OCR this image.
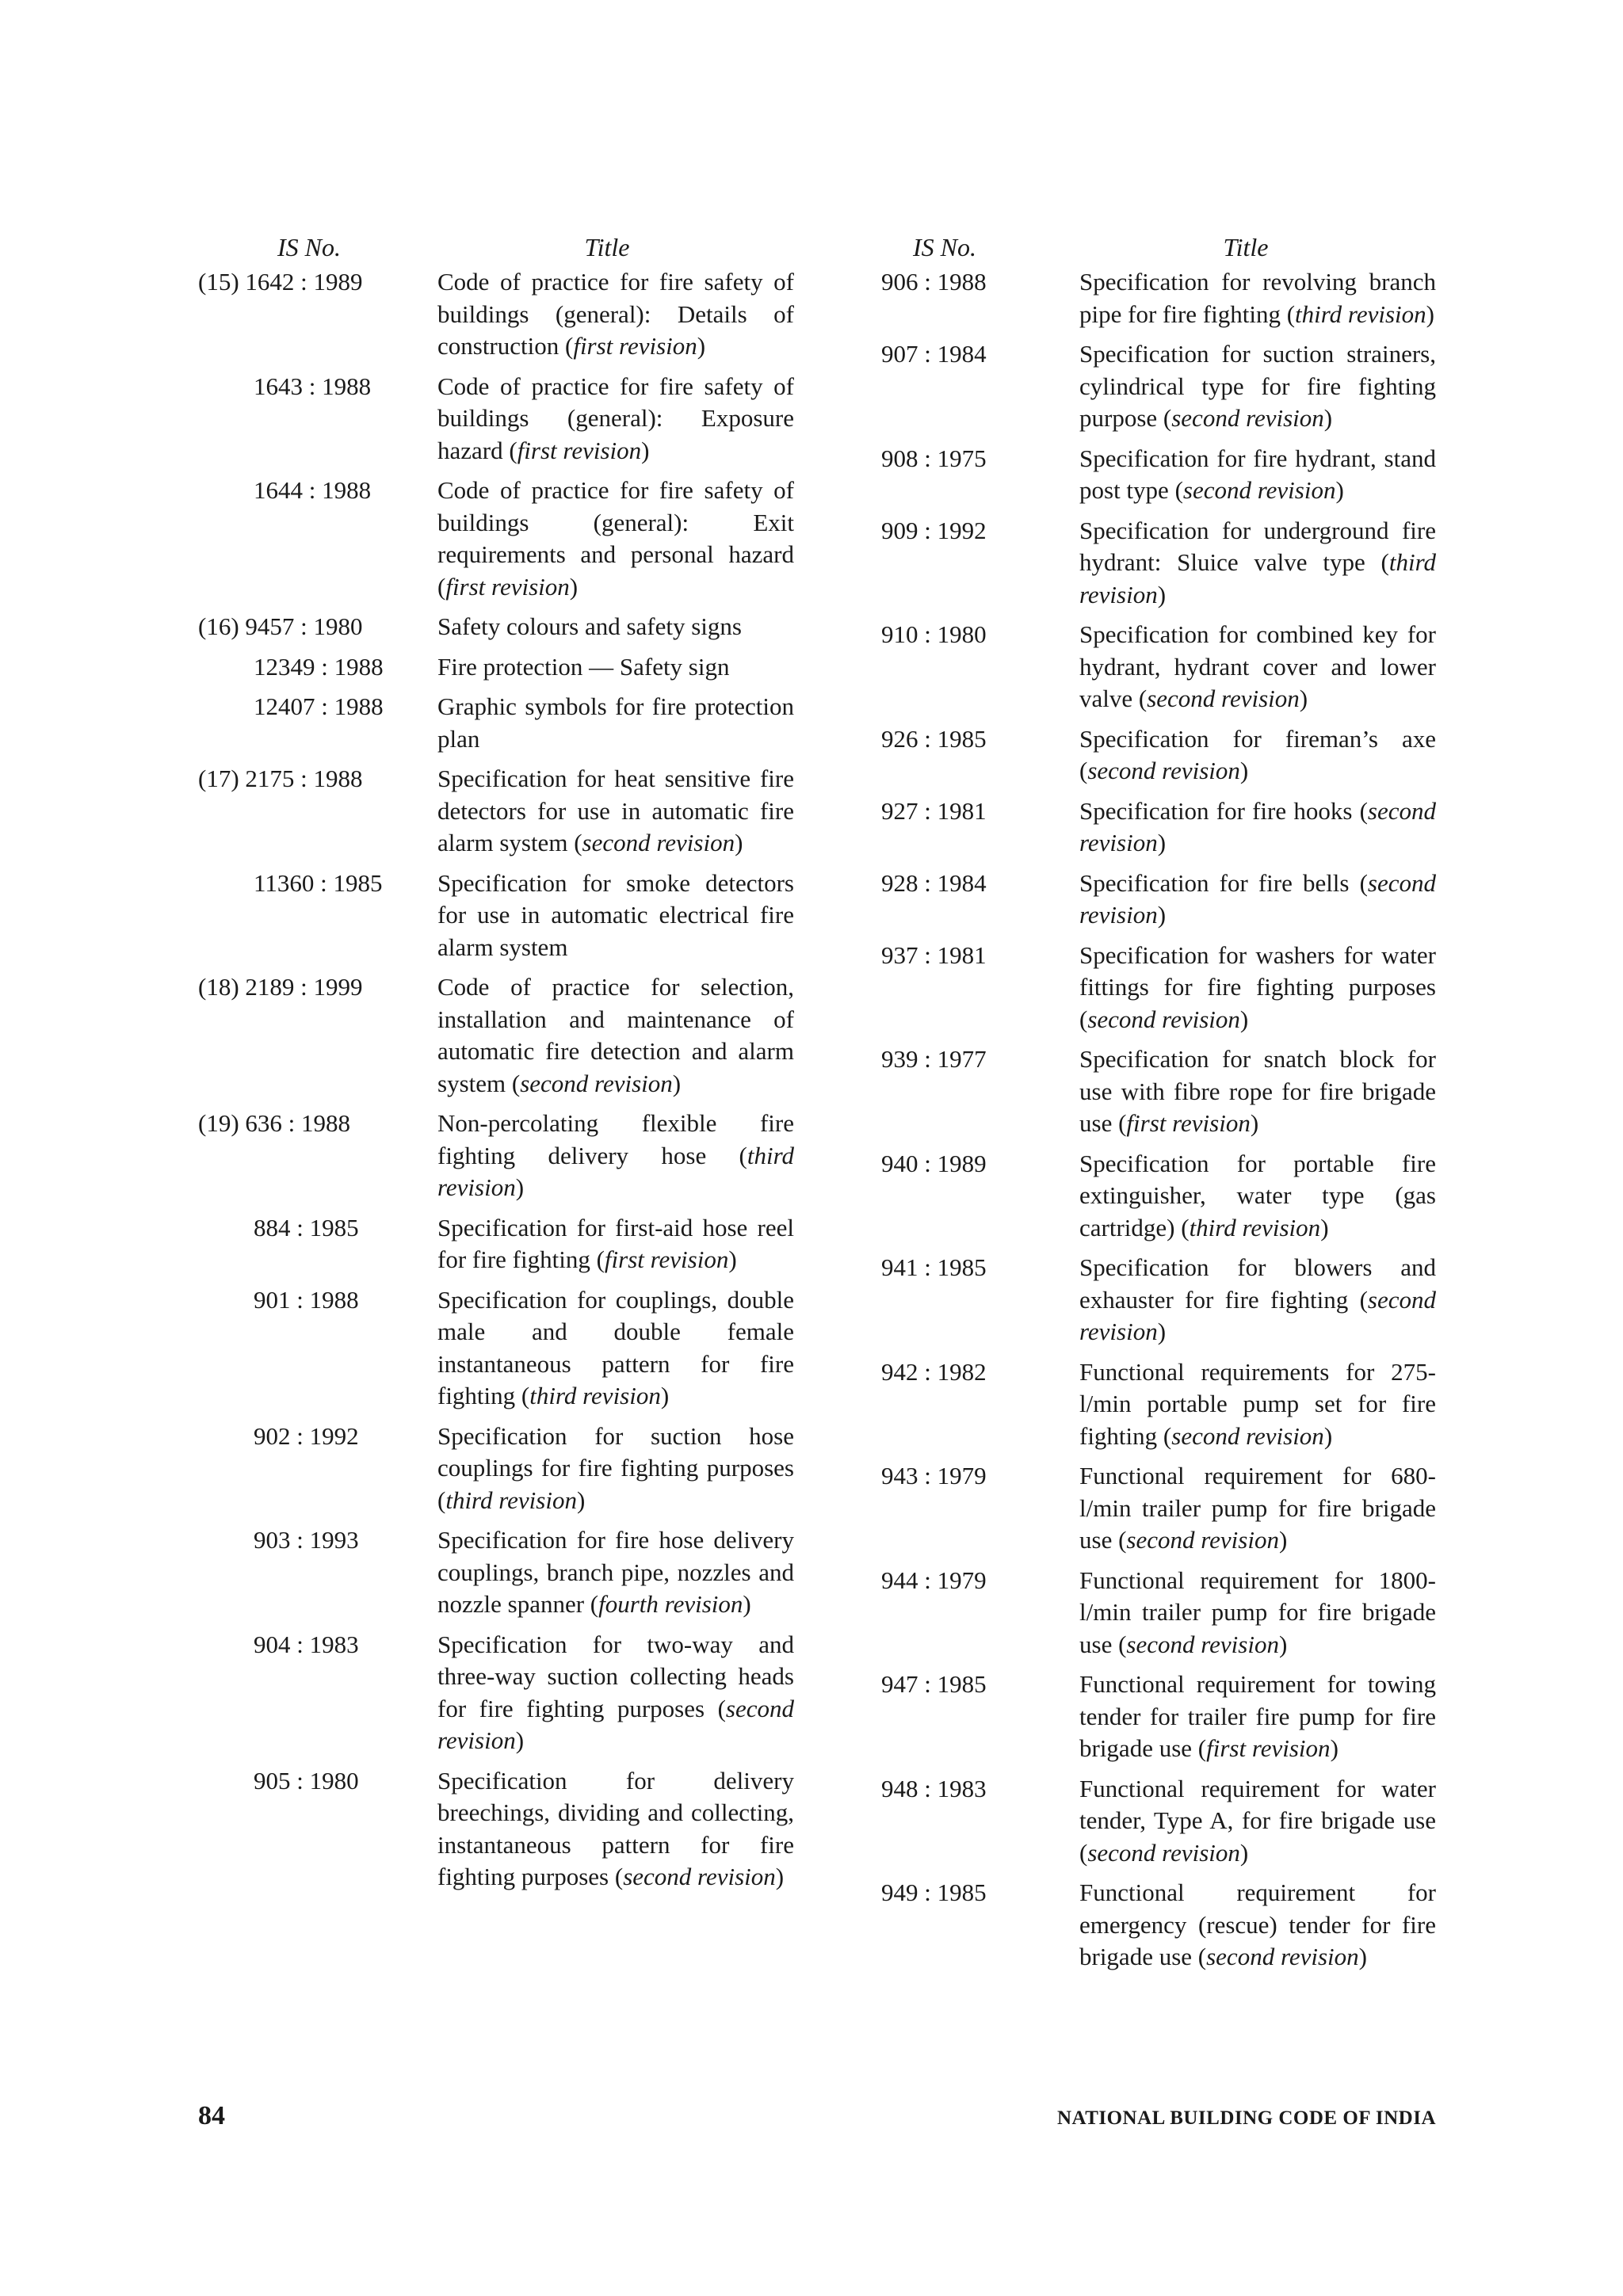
IS No.	Title
(15) 1642 : 1989	Code of practice for fire safety of buildings (general): Details of construction (first revision)
1643 : 1988	Code of practice for fire safety of buildings (general): Exposure hazard (first revision)
1644 : 1988	Code of practice for fire safety of buildings (general): Exit requirements and personal hazard (first revision)
(16) 9457 : 1980	Safety colours and safety signs
12349 : 1988	Fire protection — Safety sign
12407 : 1988	Graphic symbols for fire protection plan
(17) 2175 : 1988	Specification for heat sensitive fire detectors for use in automatic fire alarm system (second revision)
11360 : 1985	Specification for smoke detectors for use in automatic electrical fire alarm system
(18) 2189 : 1999	Code of practice for selection, installation and maintenance of automatic fire detection and alarm system (second revision)
(19) 636 : 1988	Non-percolating flexible fire fighting delivery hose (third revision)
884 : 1985	Specification for first-aid hose reel for fire fighting (first revision)
901 : 1988	Specification for couplings, double male and double female instantaneous pattern for fire fighting (third revision)
902 : 1992	Specification for suction hose couplings for fire fighting purposes (third revision)
903 : 1993	Specification for fire hose delivery couplings, branch pipe, nozzles and nozzle spanner (fourth revision)
904 : 1983	Specification for two-way and three-way suction collecting heads for fire fighting purposes (second revision)
905 : 1980	Specification for delivery breechings, dividing and collecting, instantaneous pattern for fire fighting purposes (second revision)
IS No.	Title
906 : 1988	Specification for revolving branch pipe for fire fighting (third revision)
907 : 1984	Specification for suction strainers, cylindrical type for fire fighting purpose (second revision)
908 : 1975	Specification for fire hydrant, stand post type (second revision)
909 : 1992	Specification for underground fire hydrant: Sluice valve type (third revision)
910 : 1980	Specification for combined key for hydrant, hydrant cover and lower valve (second revision)
926 : 1985	Specification for fireman’s axe (second revision)
927 : 1981	Specification for fire hooks (second revision)
928 : 1984	Specification for fire bells (second revision)
937 : 1981	Specification for washers for water fittings for fire fighting purposes (second revision)
939 : 1977	Specification for snatch block for use with fibre rope for fire brigade use (first revision)
940 : 1989	Specification for portable fire extinguisher, water type (gas cartridge) (third revision)
941 : 1985	Specification for blowers and exhauster for fire fighting (second revision)
942 : 1982	Functional requirements for 275-l/min portable pump set for fire fighting (second revision)
943 : 1979	Functional requirement for 680-l/min trailer pump for fire brigade use (second revision)
944 : 1979	Functional requirement for 1800-l/min trailer pump for fire brigade use (second revision)
947 : 1985	Functional requirement for towing tender for trailer fire pump for fire brigade use (first revision)
948 : 1983	Functional requirement for water tender, Type A, for fire brigade use (second revision)
949 : 1985	Functional requirement for emergency (rescue) tender for fire brigade use (second revision)
84	NATIONAL BUILDING CODE OF INDIA
